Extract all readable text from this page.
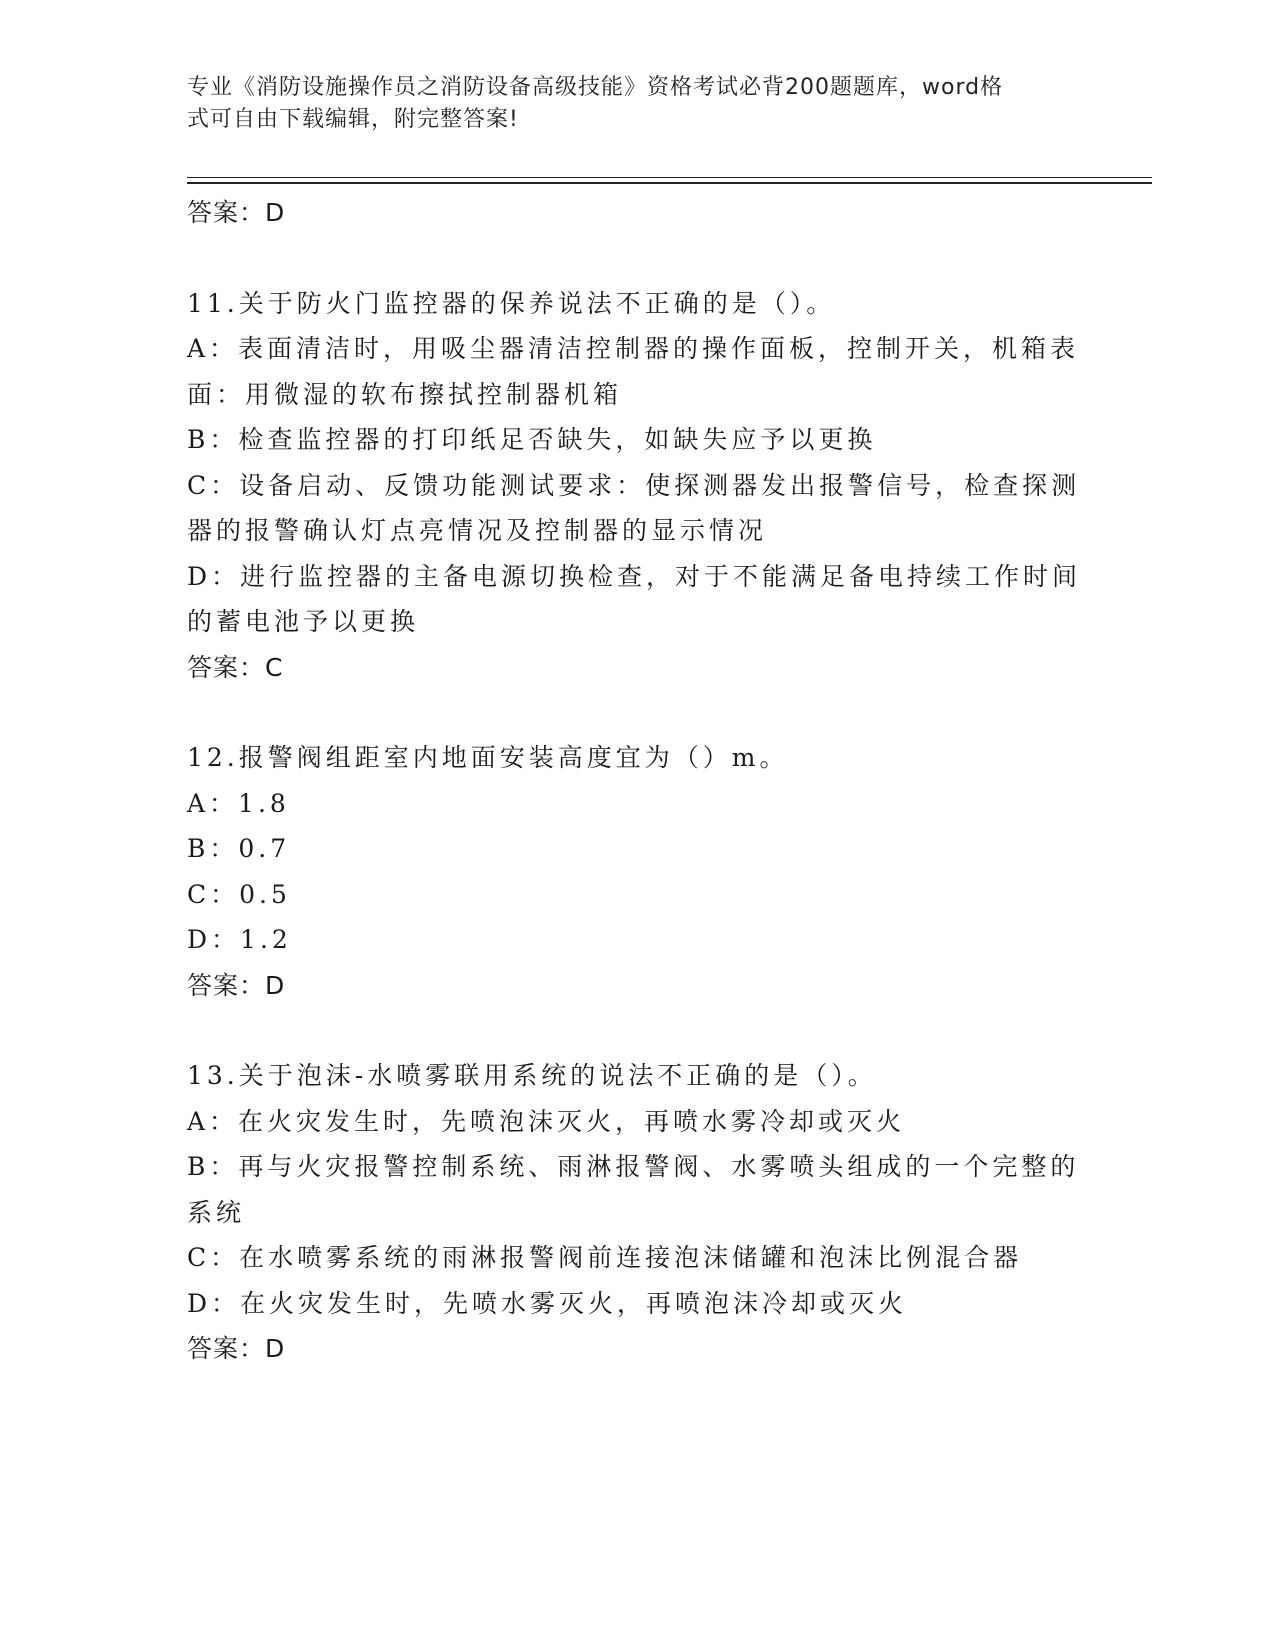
专业《消防设施操作员之消防设备高级技能》资格考试必背200题题库，word格
式可自由下载编辑，附完整答案!
答案：D
11.关于防火门监控器的保养说法不正确的是（）。
A：表面清洁时，用吸尘器清洁控制器的操作面板，控制开关，机箱表
面：用微湿的软布擦拭控制器机箱
B：检查监控器的打印纸足否缺失，如缺失应予以更换
C：设备启动、反馈功能测试要求：使探测器发出报警信号，检查探测
器的报警确认灯点亮情况及控制器的显示情况
D：进行监控器的主备电源切换检查，对于不能满足备电持续工作时间
的蓄电池予以更换
答案：C
12.报警阀组距室内地面安装高度宜为（）m。
A：1.8
B：0.7
C：0.5
D：1.2
答案：D
13.关于泡沫-水喷雾联用系统的说法不正确的是（）。
A：在火灾发生时，先喷泡沫灭火，再喷水雾冷却或灭火
B：再与火灾报警控制系统、雨淋报警阀、水雾喷头组成的一个完整的
系统
C：在水喷雾系统的雨淋报警阀前连接泡沫储罐和泡沫比例混合器
D：在火灾发生时，先喷水雾灭火，再喷泡沫冷却或灭火
答案：D
